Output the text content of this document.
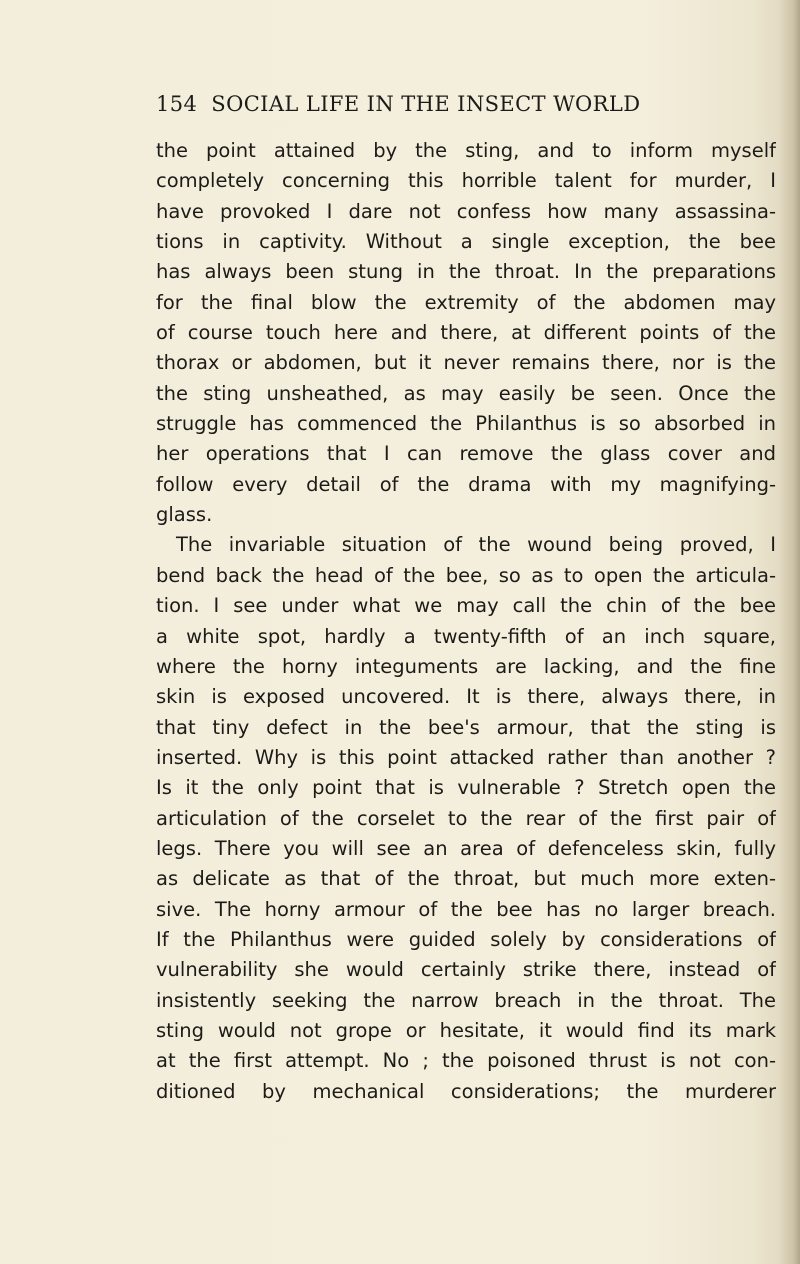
154 SOCIAL LIFE IN THE INSECT WORLD
the point attained by the sting, and to inform myself
completely concerning this horrible talent for murder, I
have provoked I dare not confess how many assassina-
tions in captivity. Without a single exception, the bee
has always been stung in the throat. In the preparations
for the final blow the extremity of the abdomen may
of course touch here and there, at different points of the
thorax or abdomen, but it never remains there, nor is the
the sting unsheathed, as may easily be seen. Once the
struggle has commenced the Philanthus is so absorbed in
her operations that I can remove the glass cover and
follow every detail of the drama with my magnifying-
glass.
The invariable situation of the wound being proved, I
bend back the head of the bee, so as to open the articula-
tion. I see under what we may call the chin of the bee
a white spot, hardly a twenty-fifth of an inch square,
where the horny integuments are lacking, and the fine
skin is exposed uncovered. It is there, always there, in
that tiny defect in the bee's armour, that the sting is
inserted. Why is this point attacked rather than another ?
Is it the only point that is vulnerable ? Stretch open the
articulation of the corselet to the rear of the first pair of
legs. There you will see an area of defenceless skin, fully
as delicate as that of the throat, but much more exten-
sive. The horny armour of the bee has no larger breach.
If the Philanthus were guided solely by considerations of
vulnerability she would certainly strike there, instead of
insistently seeking the narrow breach in the throat. The
sting would not grope or hesitate, it would find its mark
at the first attempt. No ; the poisoned thrust is not con-
ditioned by mechanical considerations; the murderer
